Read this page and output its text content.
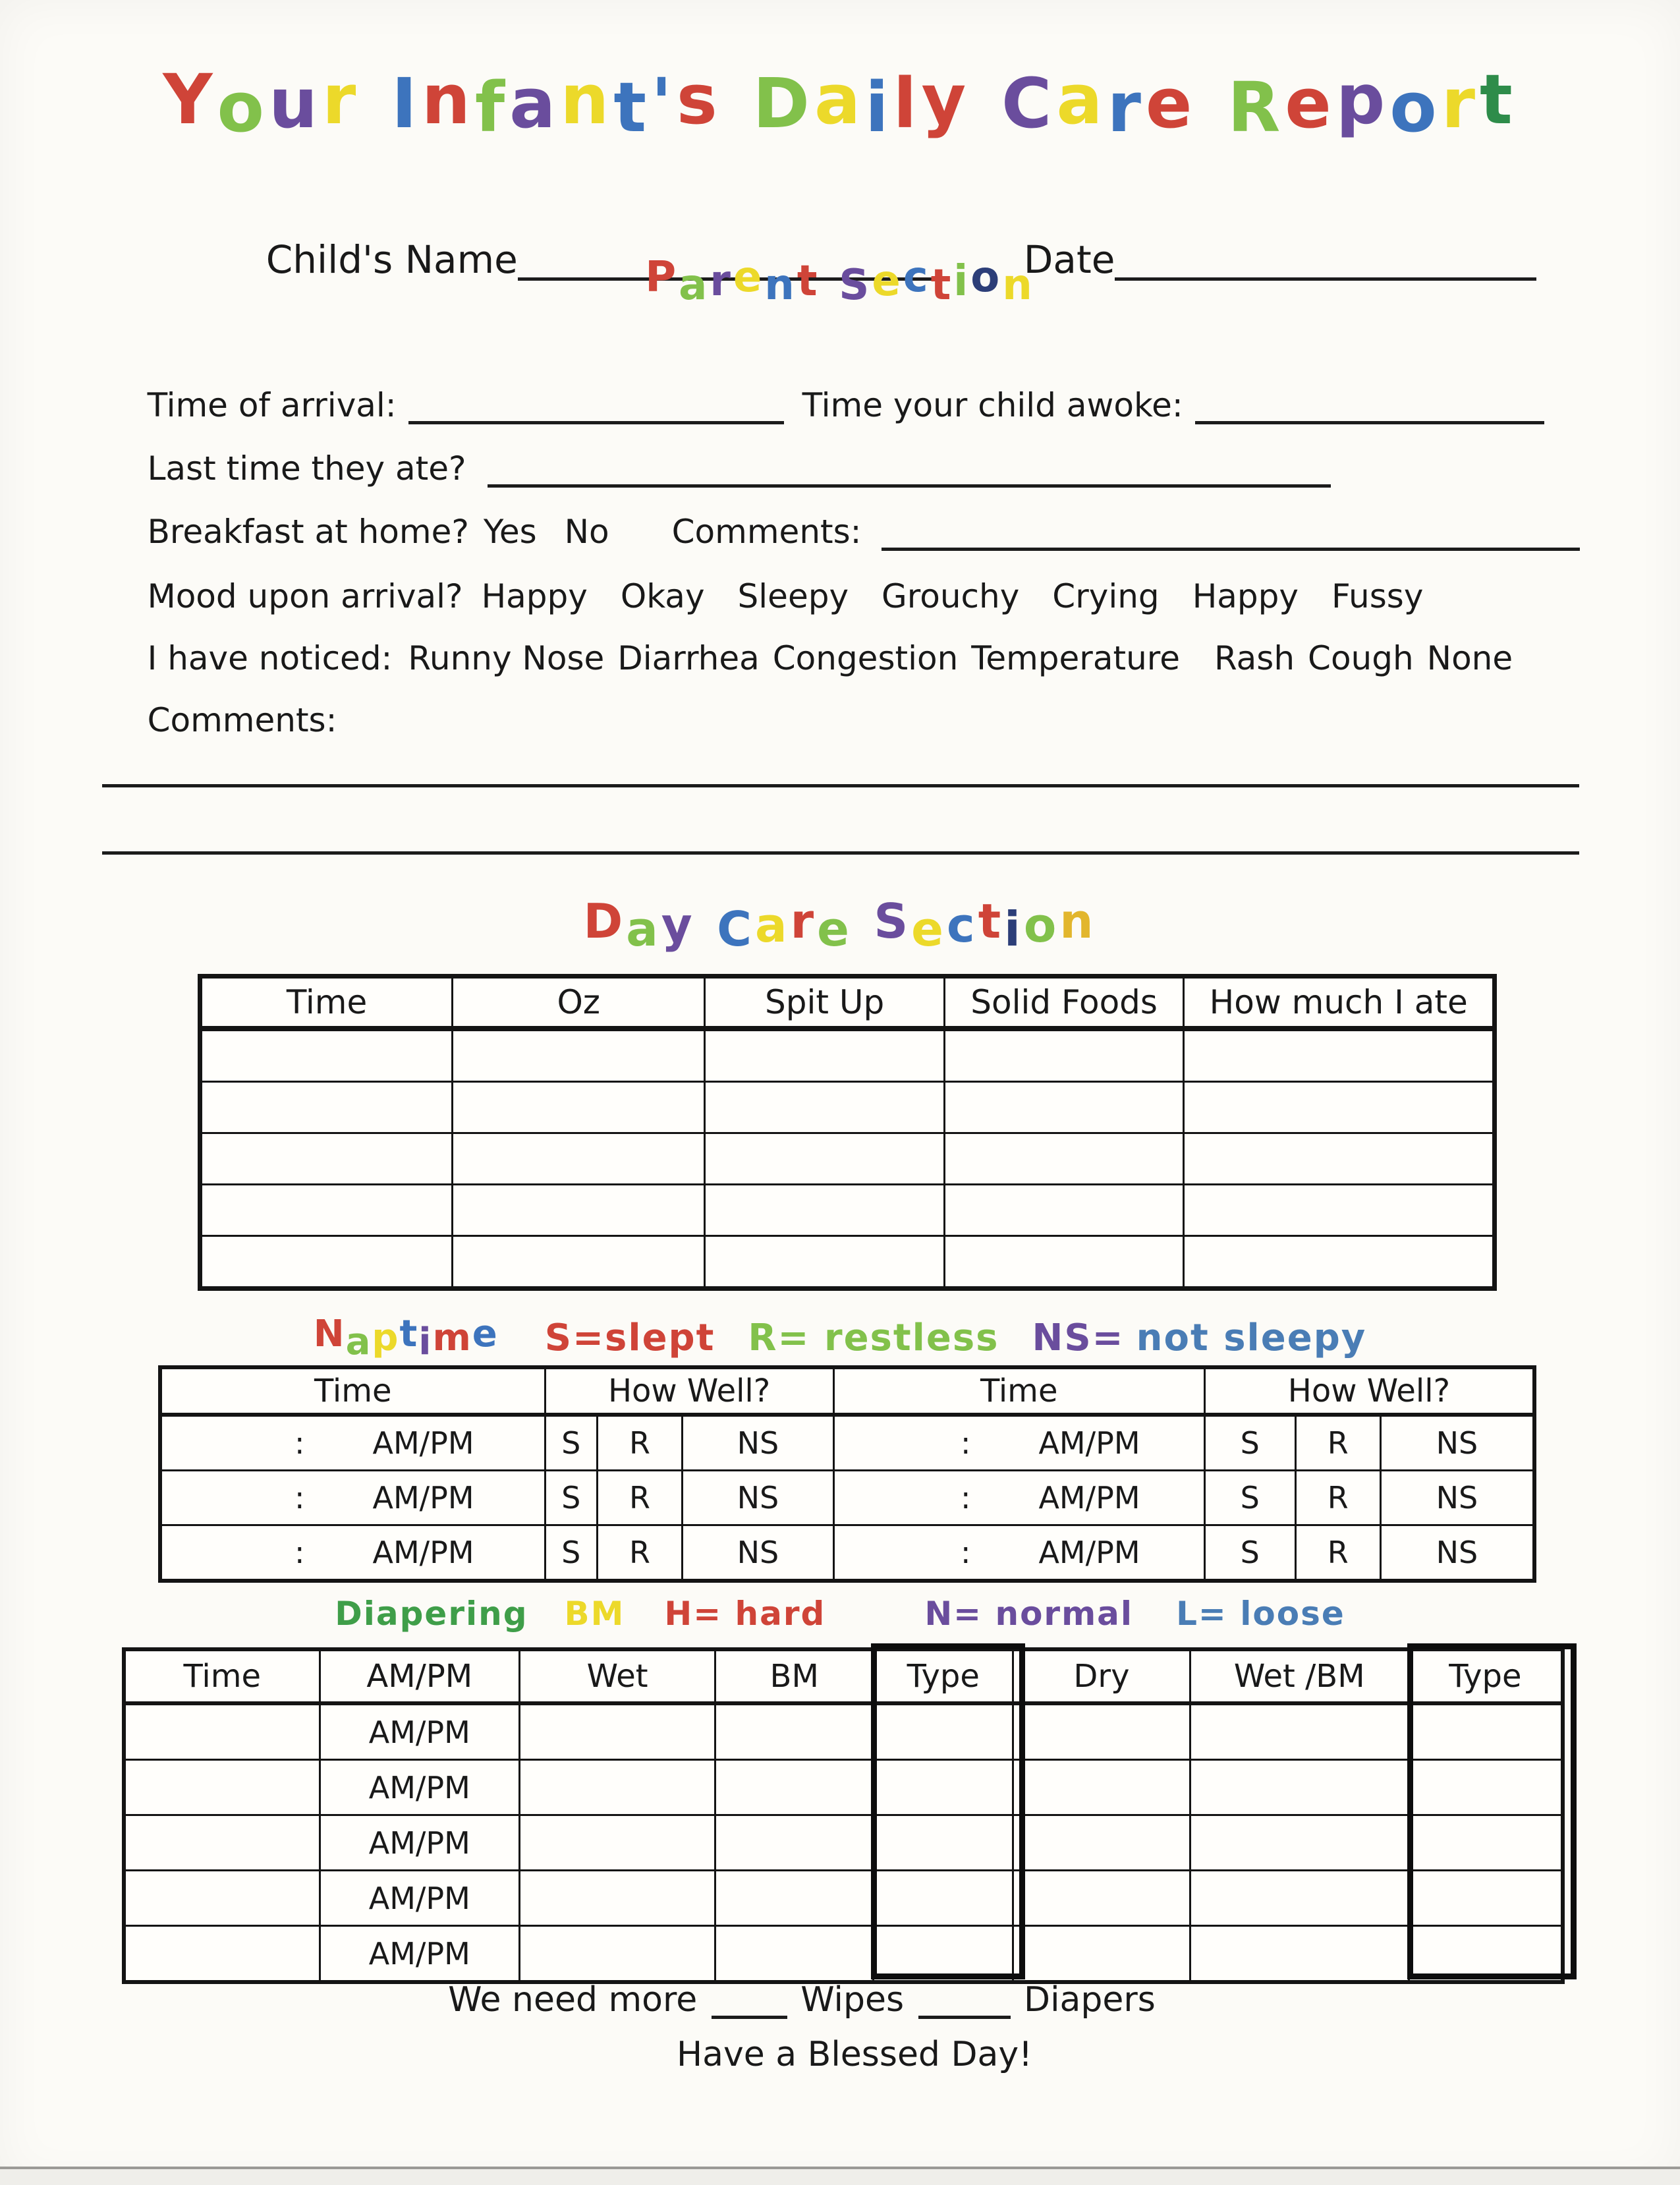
Your Infant's Daily Care Report

Child's Name
	Date

Parent Section

Time of arrival:	Time your child awoke:

Last time they ate?

Breakfast at home? Yes No Comments:

Mood upon arrival? Happy Okay Sleepy Grouchy Crying Happy Fussy

I have noticed: Runny Nose Diarrhea Congestion Temperature Rash Cough None

Comments:

Day Care Section
Time	Oz	Spit Up	Solid Foods	How much I ate

Naptime S=slept R= restless NS= not sleepy
Time	How Well?			Time	How Well?		
: AM/PM	S	R	NS	: AM/PM	S	R	NS
: AM/PM	S	R	NS	: AM/PM	S	R	NS
: AM/PM	S	R	NS	: AM/PM	S	R	NS
Diapering BM H= hard	N= normal L= loose
Time	AM/PM	Wet	BM	Type	Dry	Wet /BM	Type
	AM/PM						
	AM/PM						
	AM/PM						
	AM/PM						
	AM/PM						
We need more	Wipes	Diapers
Have a Blessed Day!
